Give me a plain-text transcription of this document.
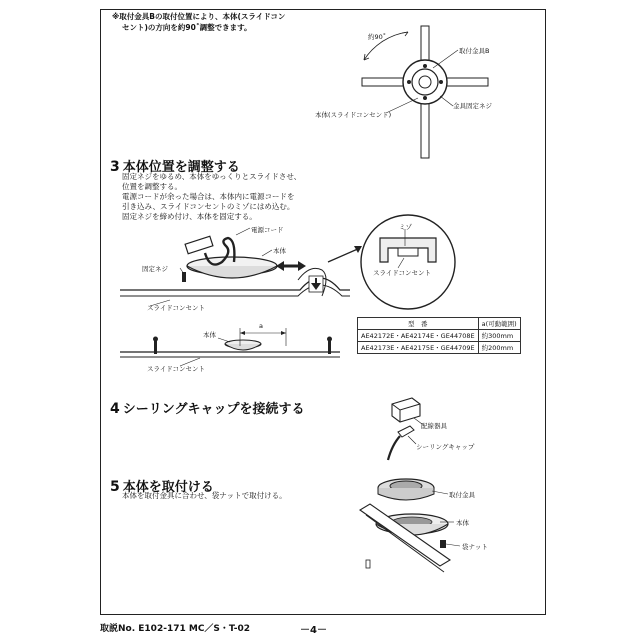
※取付金具Bの取付位置により、本体(スライドコン
セント)の方向を約90˚調整できます。
約90˚
取付金具B
金具固定ネジ
本体(スライドコンセント)
3 本体位置を調整する
固定ネジをゆるめ、本体をゆっくりとスライドさせ、
位置を調整する。
電源コードが余った場合は、本体内に電源コードを
引き込み、スライドコンセントのミゾにはめ込む。
固定ネジを締め付け、本体を固定する。
電源コード
本体
固定ネジ
ミゾ
スライドコンセント
スライドコンセント
本体
a
スライドコンセント
型　番	a(可動範囲)
AE42172E・AE42174E・GE44708E	約300mm
AE42173E・AE42175E・GE44709E	約200mm
4 シーリングキャップを接続する
配線器具
シーリングキャップ
5 本体を取付ける
本体を取付金具に合わせ、袋ナットで取付ける。	取付金具
本体
袋ナット
取説No. E102-171 MC／S・T-02	－4－
